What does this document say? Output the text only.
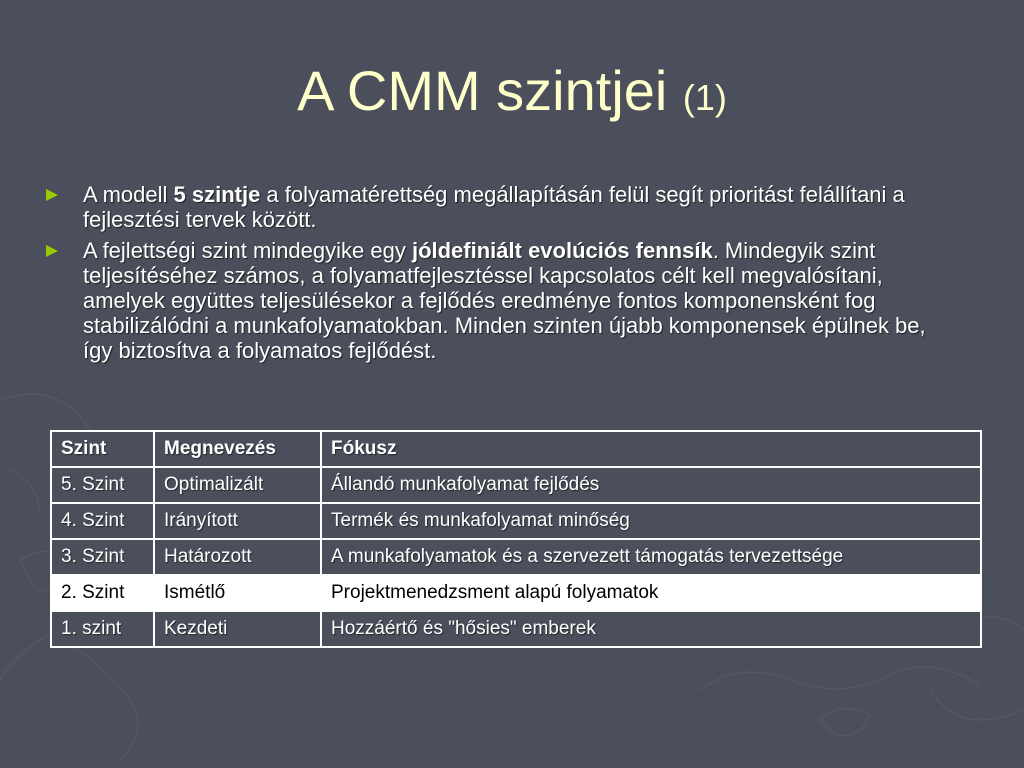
A CMM szintjei (1)
A modell 5 szintje a folyamatérettség megállapításán felül segít prioritást felállítani a fejlesztési tervek között.
A fejlettségi szint mindegyike egy jóldefiniált evolúciós fennsík. Mindegyik szint teljesítéséhez számos, a folyamatfejlesztéssel kapcsolatos célt kell megvalósítani, amelyek együttes teljesülésekor a fejlődés eredménye fontos komponensként fog stabilizálódni a munkafolyamatokban. Minden szinten újabb komponensek épülnek be, így biztosítva a folyamatos fejlődést.
Szint	Megnevezés	Fókusz
5. Szint	Optimalizált	Állandó munkafolyamat fejlődés
4. Szint	Irányított	Termék és munkafolyamat minőség
3. Szint	Határozott	A munkafolyamatok és a szervezett támogatás tervezettsége
2. Szint	Ismétlő	Projektmenedzsment alapú folyamatok
1. szint	Kezdeti	Hozzáértő és "hősies" emberek
